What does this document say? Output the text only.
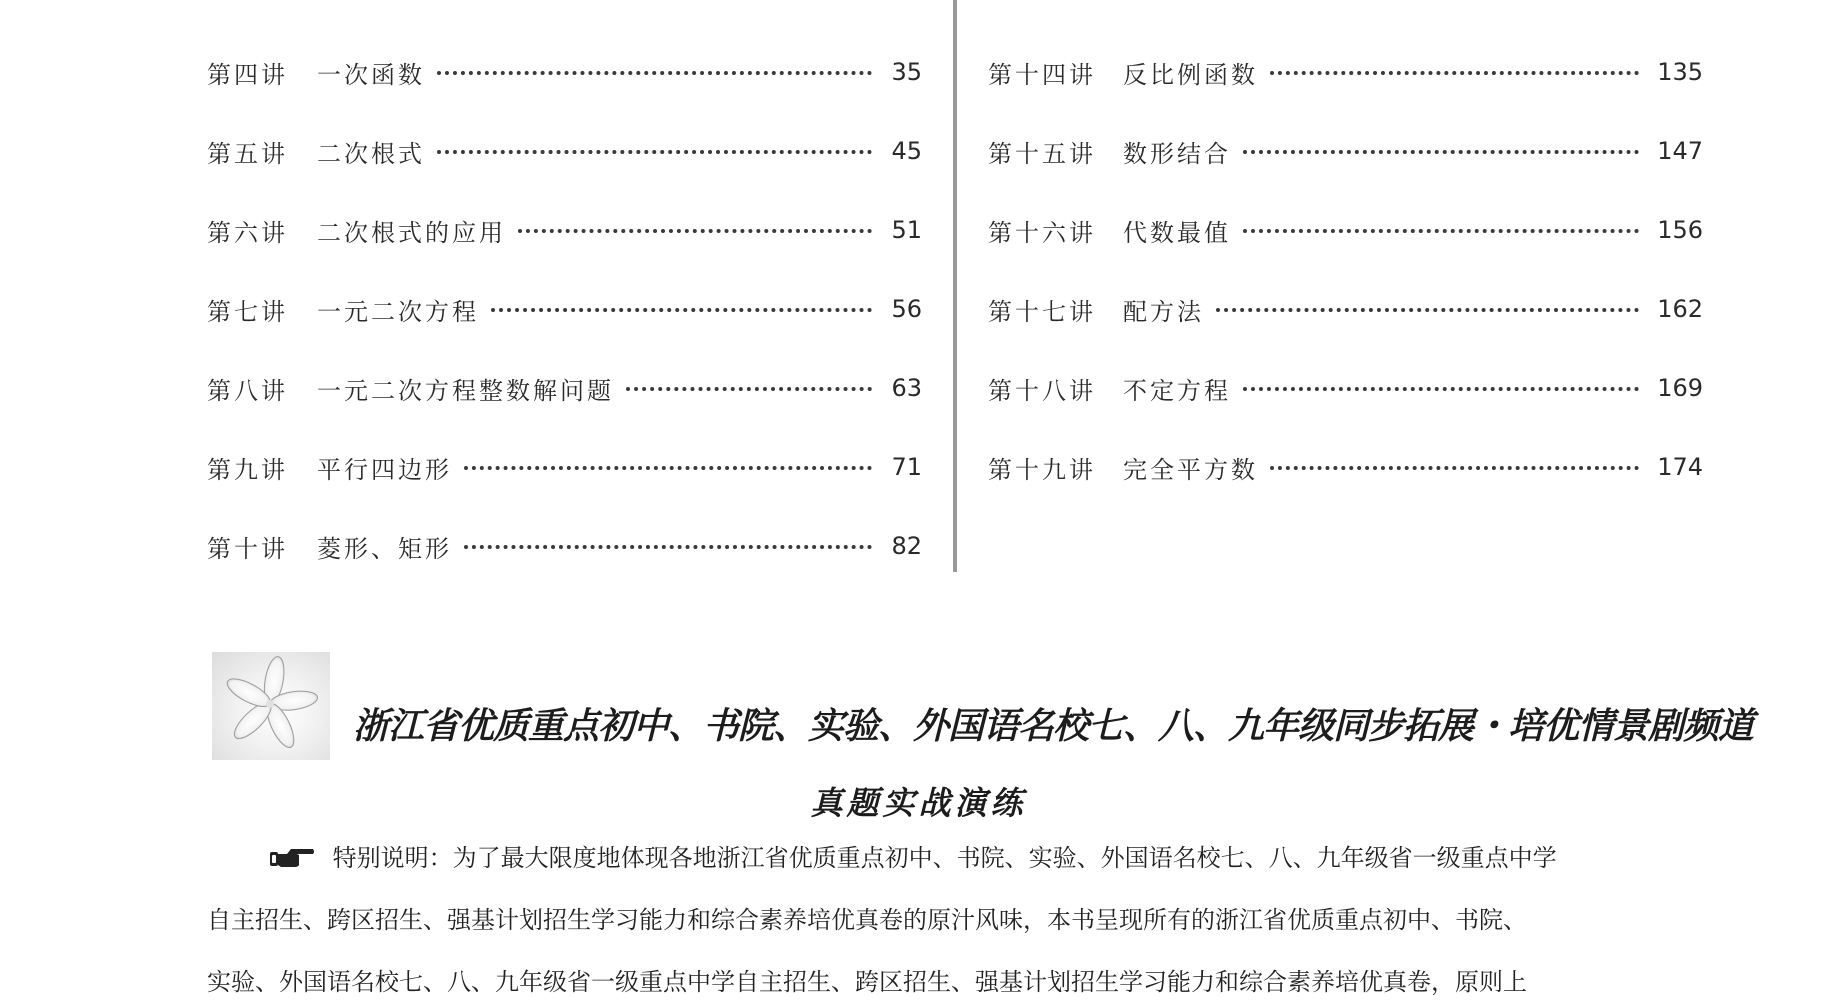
第四讲	一次函数	35
第五讲	二次根式	45
第六讲	二次根式的应用	51
第七讲	一元二次方程	56
第八讲	一元二次方程整数解问题	63
第九讲	平行四边形	71
第十讲	菱形、矩形	82
第十四讲	反比例函数	135
第十五讲	数形结合	147
第十六讲	代数最值	156
第十七讲	配方法	162
第十八讲	不定方程	169
第十九讲	完全平方数	174
浙江省优质重点初中、书院、实验、外国语名校七、八、九年级同步拓展・培优情景剧频道
真题实战演练
特别说明：为了最大限度地体现各地浙江省优质重点初中、书院、实验、外国语名校七、八、九年级省一级重点中学
自主招生、跨区招生、强基计划招生学习能力和综合素养培优真卷的原汁风味，本书呈现所有的浙江省优质重点初中、书院、
实验、外国语名校七、八、九年级省一级重点中学自主招生、跨区招生、强基计划招生学习能力和综合素养培优真卷，原则上
